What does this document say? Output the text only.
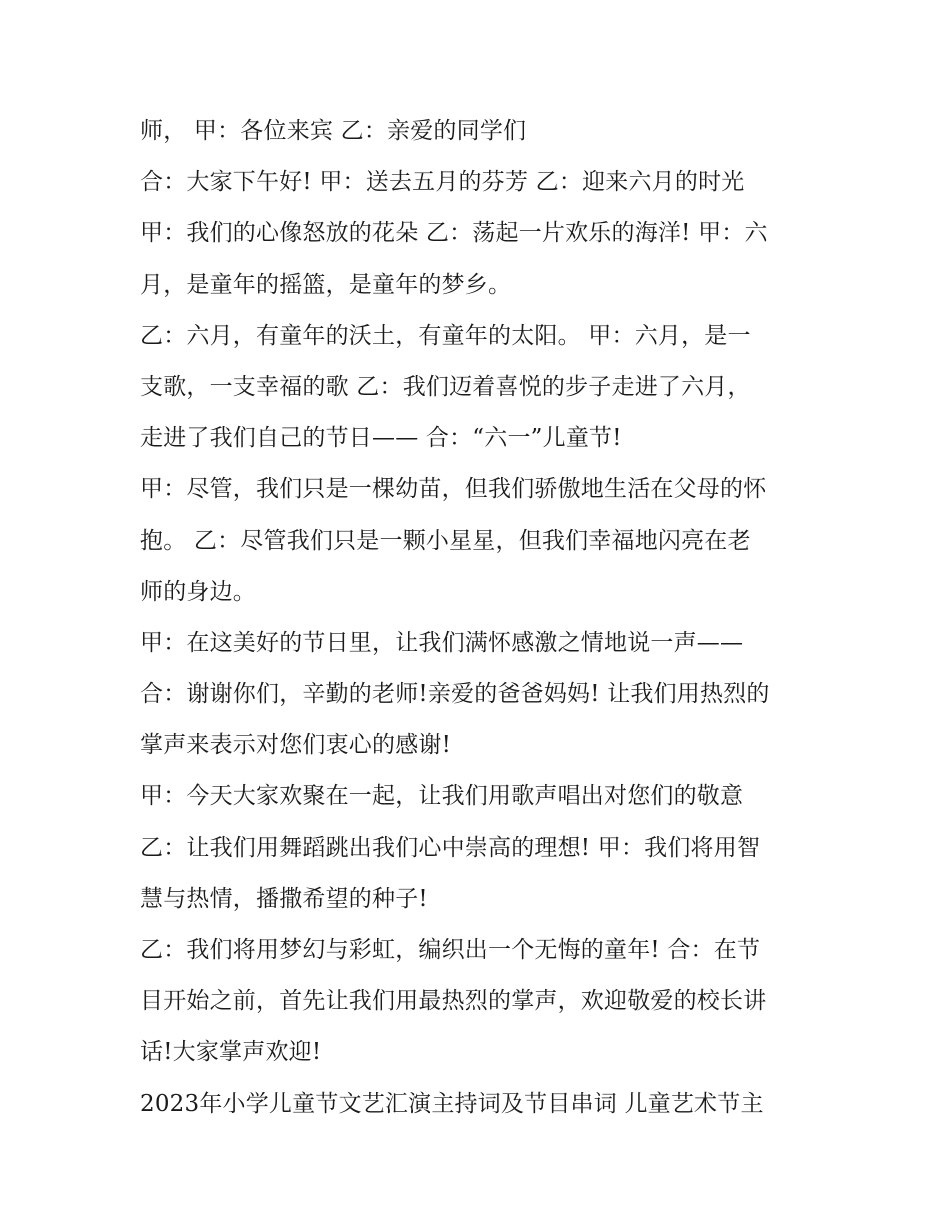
师， 甲：各位来宾 乙：亲爱的同学们
合：大家下午好! 甲：送去五月的芬芳 乙：迎来六月的时光
甲：我们的心像怒放的花朵 乙：荡起一片欢乐的海洋! 甲：六
月，是童年的摇篮，是童年的梦乡。
乙：六月，有童年的沃土，有童年的太阳。 甲：六月，是一
支歌，一支幸福的歌 乙：我们迈着喜悦的步子走进了六月，
走进了我们自己的节日—— 合：“六一”儿童节!
甲：尽管，我们只是一棵幼苗，但我们骄傲地生活在父母的怀
抱。 乙：尽管我们只是一颗小星星，但我们幸福地闪亮在老
师的身边。
甲：在这美好的节日里，让我们满怀感激之情地说一声——
合：谢谢你们，辛勤的老师!亲爱的爸爸妈妈! 让我们用热烈的
掌声来表示对您们衷心的感谢!
甲：今天大家欢聚在一起，让我们用歌声唱出对您们的敬意
乙：让我们用舞蹈跳出我们心中崇高的理想! 甲：我们将用智
慧与热情，播撒希望的种子!
乙：我们将用梦幻与彩虹，编织出一个无悔的童年! 合：在节
目开始之前，首先让我们用最热烈的掌声，欢迎敬爱的校长讲
话!大家掌声欢迎!
2023年小学儿童节文艺汇演主持词及节目串词 儿童艺术节主
